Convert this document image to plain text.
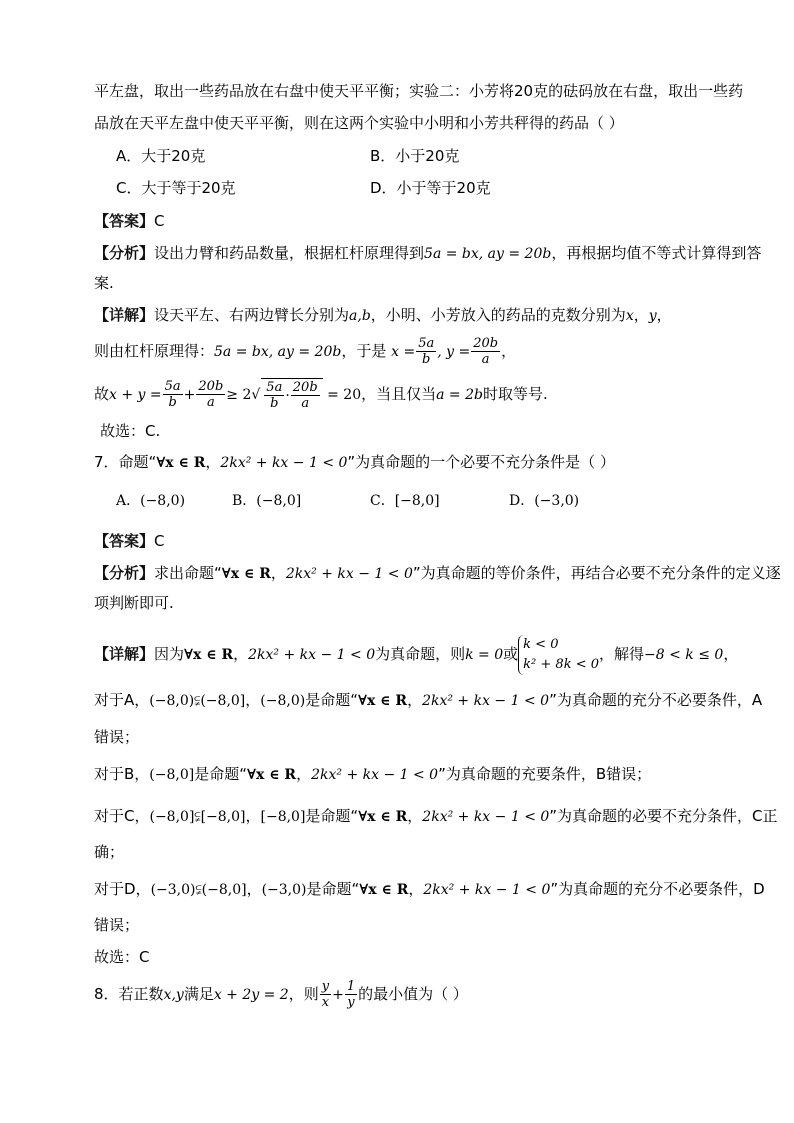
平左盘，取出一些药品放在右盘中使天平平衡；实验二：小芳将20克的砝码放在右盘，取出一些药
品放在天平左盘中使天平平衡，则在这两个实验中小明和小芳共秤得的药品（ ）
A．大于20克	B．小于20克
C．大于等于20克	D．小于等于20克
【答案】C
【分析】设出力臂和药品数量，根据杠杆原理得到5a = bx, ay = 20b，再根据均值不等式计算得到答
案.
【详解】设天平左、右两边臂长分别为a,b，小明、小芳放入的药品的克数分别为x，y，
则由杠杆原理得：5a = bx, ay = 20b，于是 $x = \frac{5a}{b}$ , $y = \frac{20b}{a}$ ，
故$x + y = \frac{5a}{b} + \frac{20b}{a} \ge 2√ \frac{5a}{b} \cdot \frac{20b}{a} = 20$，当且仅当a = 2b时取等号.
故选：C.
7．命题“∀x ∈ R，2kx² + kx − 1 < 0”为真命题的一个必要不充分条件是（ ）
A．(−8,0)	B．(−8,0]	C．[−8,0]	D．(−3,0)
【答案】C
【分析】求出命题“∀x ∈ R，2kx² + kx − 1 < 0”为真命题的等价条件，再结合必要不充分条件的定义逐
项判断即可.
【详解】因为∀x ∈ R，2kx² + kx − 1 < 0为真命题，则k = 0或
k < 0
k² + 8k < 0
，解得−8 < k ≤ 0，
对于A，(−8,0)⫋(−8,0]，(−8,0)是命题“∀x ∈ R，2kx² + kx − 1 < 0”为真命题的充分不必要条件，A
错误；
对于B，(−8,0]是命题“∀x ∈ R，2kx² + kx − 1 < 0”为真命题的充要条件，B错误；
对于C，(−8,0]⫋[−8,0]，[−8,0]是命题“∀x ∈ R，2kx² + kx − 1 < 0”为真命题的必要不充分条件，C正
确；
对于D，(−3,0)⫋(−8,0]，(−3,0)是命题“∀x ∈ R，2kx² + kx − 1 < 0”为真命题的充分不必要条件，D
错误；
故选：C
8．若正数x,y满足x + 2y = 2，则 $\frac{y}{x} + \frac{1}{y}$ 的最小值为（ ）
